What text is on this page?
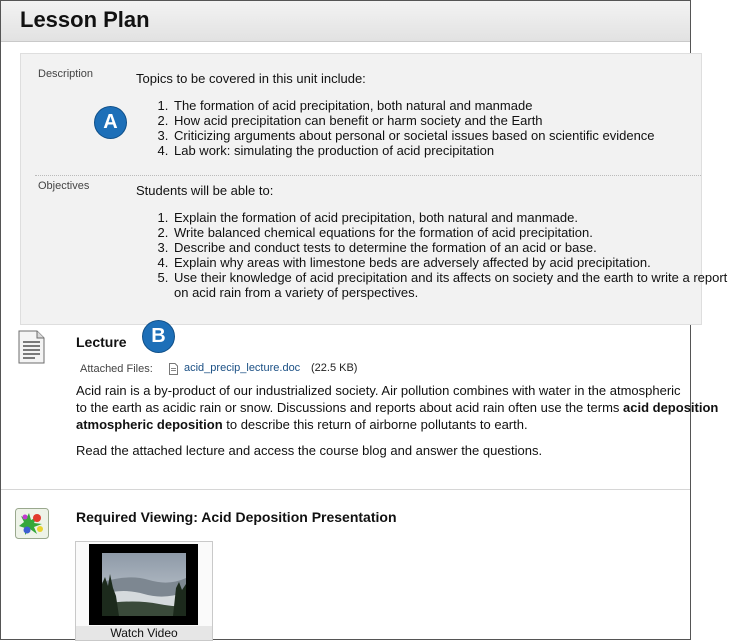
Lesson Plan
Description	Topics to be covered in this unit include:
1. The formation of acid precipitation, both natural and manmade
2. How acid precipitation can benefit or harm society and the Earth
3. Criticizing arguments about personal or societal issues based on scientific evidence
4. Lab work: simulating the production of acid precipitation
Objectives	Students will be able to:
1. Explain the formation of acid precipitation, both natural and manmade.
2. Write balanced chemical equations for the formation of acid precipitation.
3. Describe and conduct tests to determine the formation of an acid or base.
4. Explain why areas with limestone beds are adversely affected by acid precipitation.
5. Use their knowledge of acid precipitation and its affects on society and the earth to write a report on acid rain from a variety of perspectives.
A
Lecture	B
Attached Files:	acid_precip_lecture.doc (22.5 KB)
Acid rain is a by-product of our industrialized society. Air pollution combines with water in the atmospheric
to the earth as acidic rain or snow. Discussions and reports about acid rain often use the terms acid deposition
atmospheric deposition to describe this return of airborne pollutants to earth.
Read the attached lecture and access the course blog and answer the questions.
Required Viewing: Acid Deposition Presentation
Watch Video
